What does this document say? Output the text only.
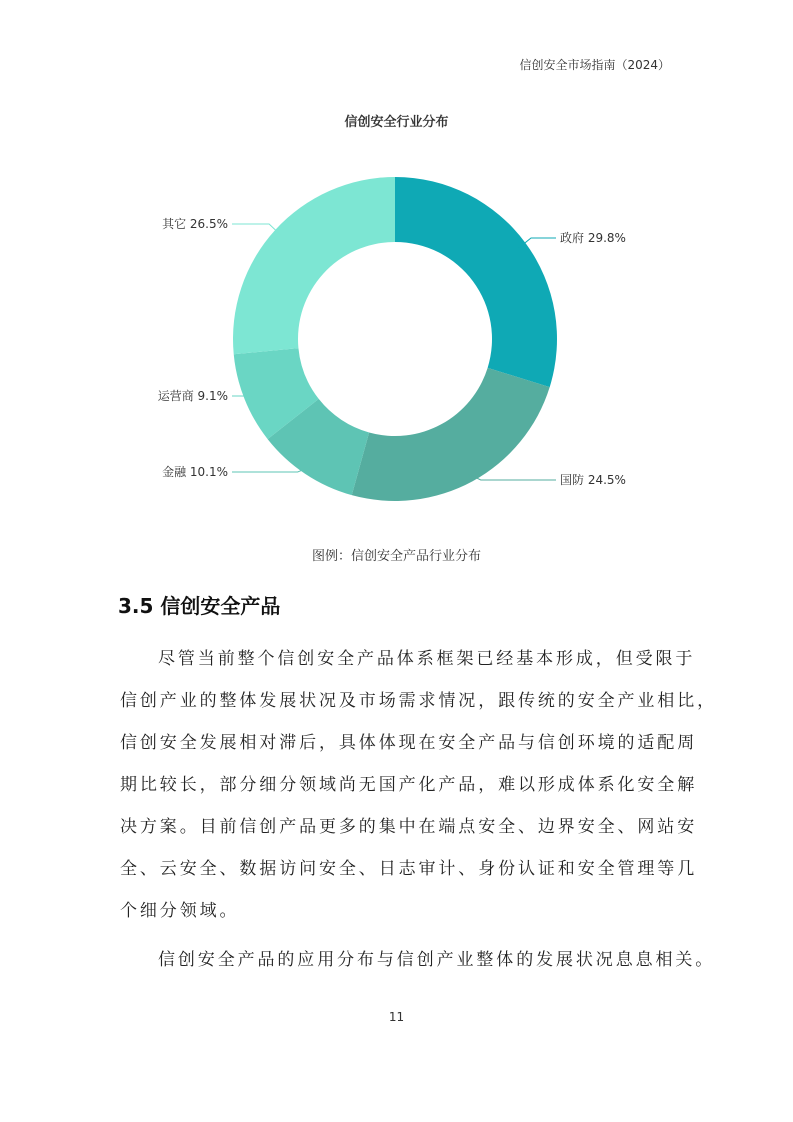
信创安全市场指南（2024）
信创安全行业分布
政府 29.8%
国防 24.5%
金融 10.1%
运营商 9.1%
其它 26.5%
图例：信创安全产品行业分布
3.5 信创安全产品
尽管当前整个信创安全产品体系框架已经基本形成，但受限于
信创产业的整体发展状况及市场需求情况，跟传统的安全产业相比，
信创安全发展相对滞后，具体体现在安全产品与信创环境的适配周
期比较长，部分细分领域尚无国产化产品，难以形成体系化安全解
决方案。目前信创产品更多的集中在端点安全、边界安全、网站安
全、云安全、数据访问安全、日志审计、身份认证和安全管理等几
个细分领域。
信创安全产品的应用分布与信创产业整体的发展状况息息相关。
11
